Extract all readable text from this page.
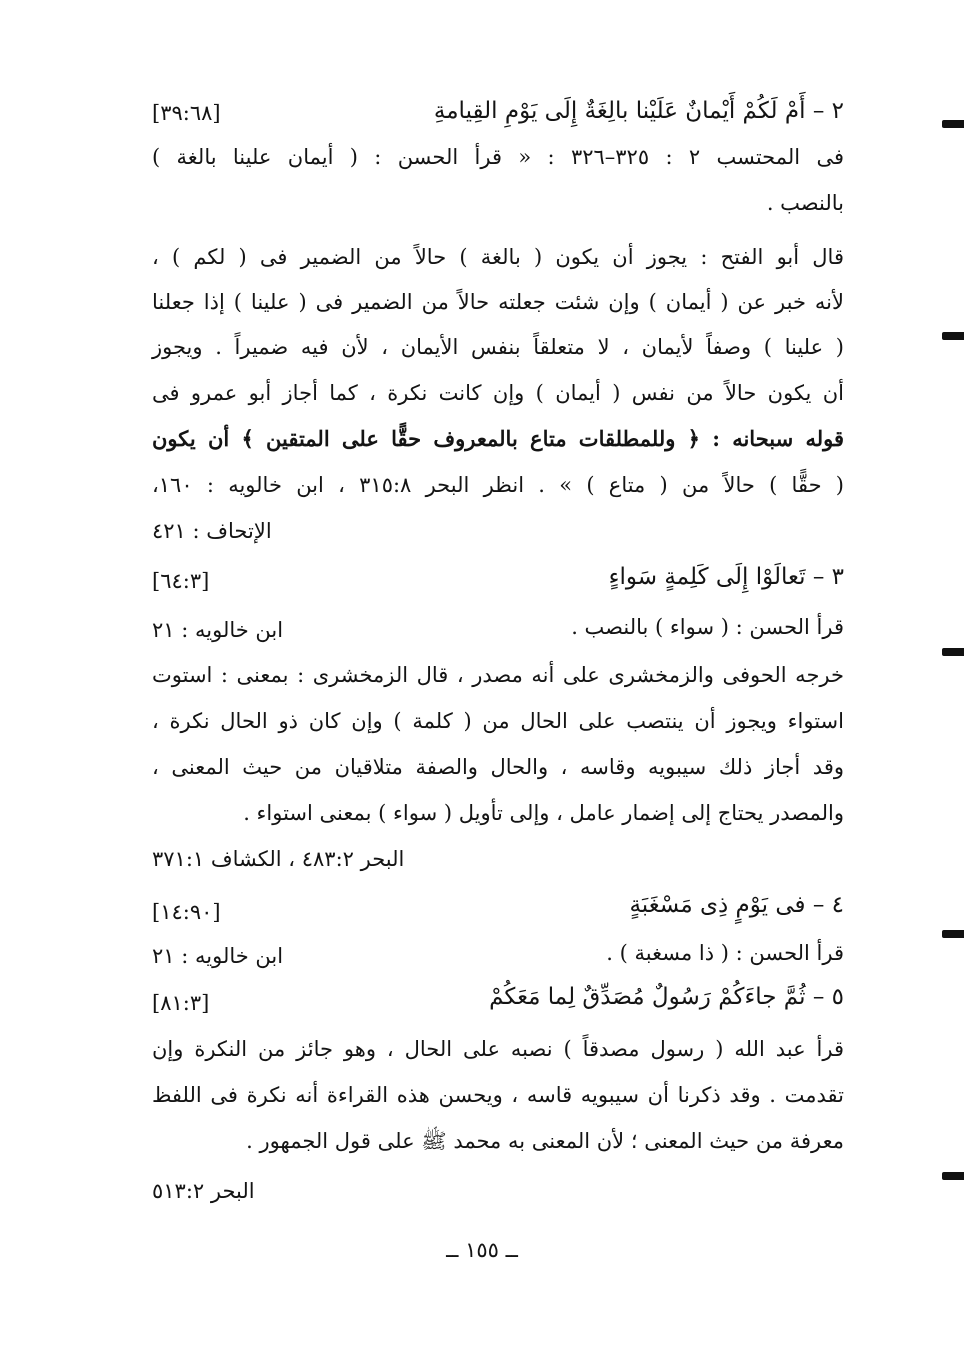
٢ – أَمْ لَكُمْ أَيْمانٌ عَلَيْنا بالِغَةٌ إِلَى يَوْمِ القِيامةِ
[٣٩:٦٨]
فى المحتسب ٢ : ٣٢٥–٣٢٦ : « قرأ الحسن : ( أيمان علينا بالغة )
بالنصب .
قال أبو الفتح : يجوز أن يكون ( بالغة ) حالاً من الضمير فى ( لكم ) ،
لأنه خبر عن ( أيمان ) وإن شئت جعلته حالاً من الضمير فى ( علينا ) إذا جعلنا
( علينا ) وصفاً لأيمان ، لا متعلقاً بنفس الأيمان ، لأن فيه ضميراً . ويجوز
أن يكون حالاً من نفس ( أيمان ) وإن كانت نكرة ، كما أجاز أبو عمرو فى
قوله سبحانه : ﴿ وللمطلقات متاع بالمعروف حقًّا على المتقين ﴾ أن يكون
( حقًّا ) حالاً من ( متاع ) » . انظر البحر ٣١٥:٨ ، ابن خالويه : ١٦٠،
الإتحاف : ٤٢١
٣ – تَعالَوْا إِلَى كَلِمةٍ سَواءٍ
[٦٤:٣]
قرأ الحسن : ( سواء ) بالنصب .
ابن خالويه : ٢١
خرجه الحوفى والزمخشرى على أنه مصدر ، قال الزمخشرى : بمعنى : استوت
استواء ويجوز أن ينتصب على الحال من ( كلمة ) وإن كان ذو الحال نكرة ،
وقد أجاز ذلك سيبويه وقاسه ، والحال والصفة متلاقيان من حيث المعنى ،
والمصدر يحتاج إلى إضمار عامل ، وإلى تأويل ( سواء ) بمعنى استواء .
البحر ٤٨٣:٢ ، الكشاف ٣٧١:١
٤ – فى يَوْمٍ ذِى مَسْغَبَةٍ
[١٤:٩٠]
قرأ الحسن : ( ذا مسغبة ) .
ابن خالويه : ٢١
٥ – ثُمَّ جاءَكُمْ رَسُولٌ مُصَدِّقٌ لِما مَعَكُمْ
[٨١:٣]
قرأ عبد الله ( رسول مصدقاً ) نصبه على الحال ، وهو جائز من النكرة وإن
تقدمت . وقد ذكرنا أن سيبويه قاسه ، ويحسن هذه القراءة أنه نكرة فى اللفظ
معرفة من حيث المعنى ؛ لأن المعنى به محمد ﷺ على قول الجمهور .
البحر ٥١٣:٢
ــ ١٥٥ ــ
